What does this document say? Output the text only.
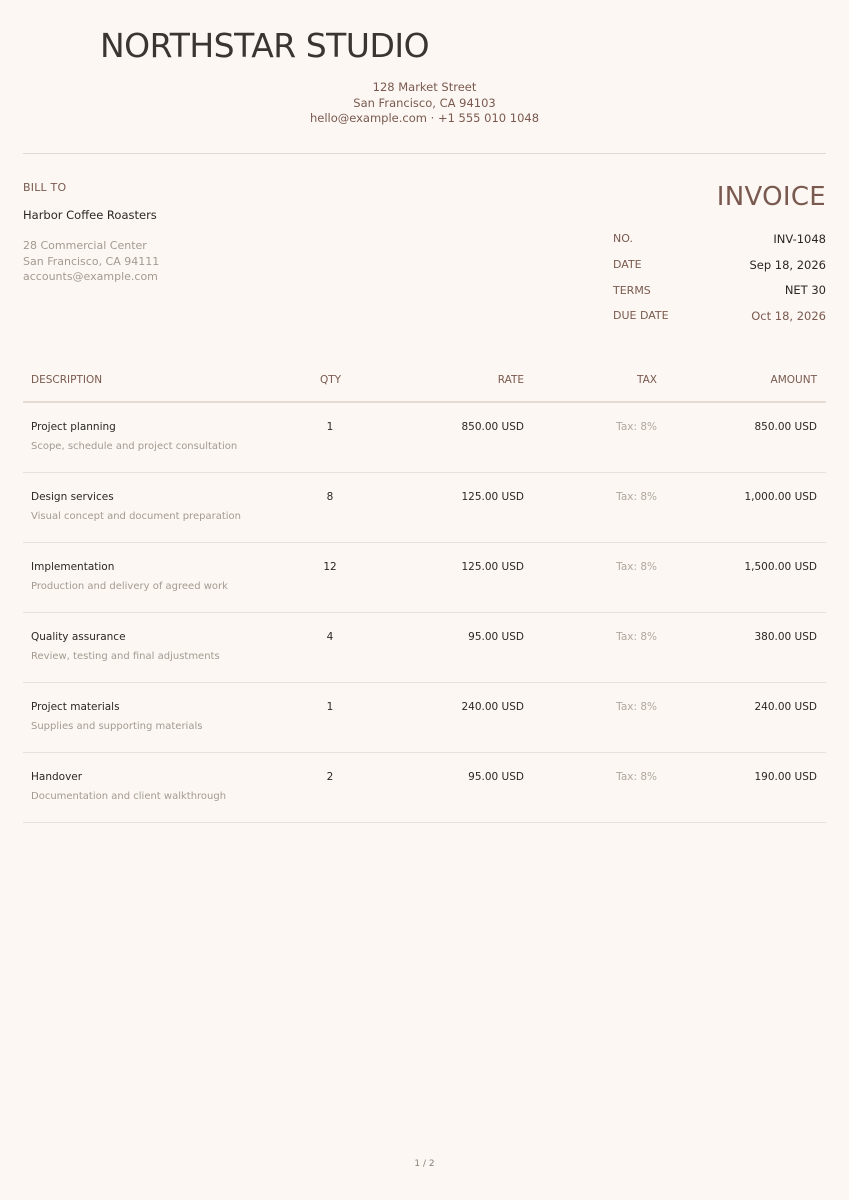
NORTHSTAR STUDIO
128 Market Street
San Francisco, CA 94103
hello@example.com · +1 555 010 1048
BILL TO
Harbor Coffee Roasters
28 Commercial Center
San Francisco, CA 94111
accounts@example.com
INVOICE
NO.	INV-1048
DATE	Sep 18, 2026
TERMS	NET 30
DUE DATE	Oct 18, 2026
DESCRIPTION	QTY	RATE	TAX	AMOUNT
Project planning
Scope, schedule and project consultation
1	850.00 USD	Tax: 8%	850.00 USD
Design services
Visual concept and document preparation
8	125.00 USD	Tax: 8%	1,000.00 USD
Implementation
Production and delivery of agreed work
12	125.00 USD	Tax: 8%	1,500.00 USD
Quality assurance
Review, testing and final adjustments
4	95.00 USD	Tax: 8%	380.00 USD
Project materials
Supplies and supporting materials
1	240.00 USD	Tax: 8%	240.00 USD
Handover
Documentation and client walkthrough
2	95.00 USD	Tax: 8%	190.00 USD
1 / 2
